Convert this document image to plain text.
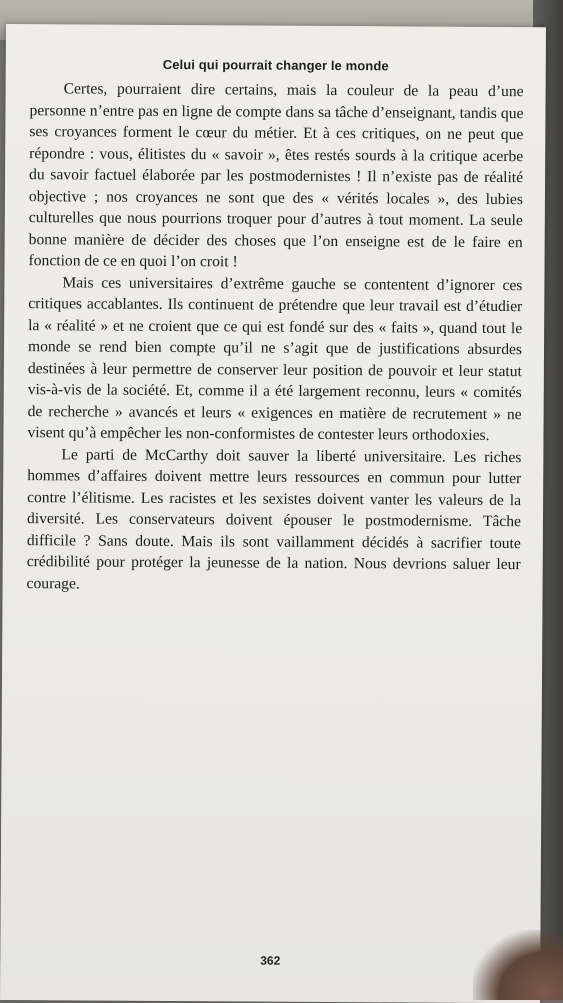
Celui qui pourrait changer le monde

Certes, pourraient dire certains, mais la couleur de la peau d’une personne n’entre pas en ligne de compte dans sa tâche d’enseignant, tandis que ses croyances forment le cœur du métier. Et à ces critiques, on ne peut que répondre : vous, élitistes du « savoir », êtes restés sourds à la critique acerbe du savoir factuel élaborée par les postmodernistes ! Il n’existe pas de réalité objective ; nos croyances ne sont que des « vérités locales », des lubies culturelles que nous pourrions troquer pour d’autres à tout moment. La seule bonne manière de décider des choses que l’on enseigne est de le faire en fonction de ce en quoi l’on croit !

Mais ces universitaires d’extrême gauche se contentent d’ignorer ces critiques accablantes. Ils continuent de prétendre que leur travail est d’étudier la « réalité » et ne croient que ce qui est fondé sur des « faits », quand tout le monde se rend bien compte qu’il ne s’agit que de justifications absurdes destinées à leur permettre de conserver leur position de pouvoir et leur statut vis-à-vis de la société. Et, comme il a été largement reconnu, leurs « comités de recherche » avancés et leurs « exigences en matière de recrutement » ne visent qu’à empêcher les non-conformistes de contester leurs orthodoxies.

Le parti de McCarthy doit sauver la liberté universitaire. Les riches hommes d’affaires doivent mettre leurs ressources en commun pour lutter contre l’élitisme. Les racistes et les sexistes doivent vanter les valeurs de la diversité. Les conservateurs doivent épouser le postmodernisme. Tâche difficile ? Sans doute. Mais ils sont vaillamment décidés à sacrifier toute crédibilité pour protéger la jeunesse de la nation. Nous devrions saluer leur courage.

362
